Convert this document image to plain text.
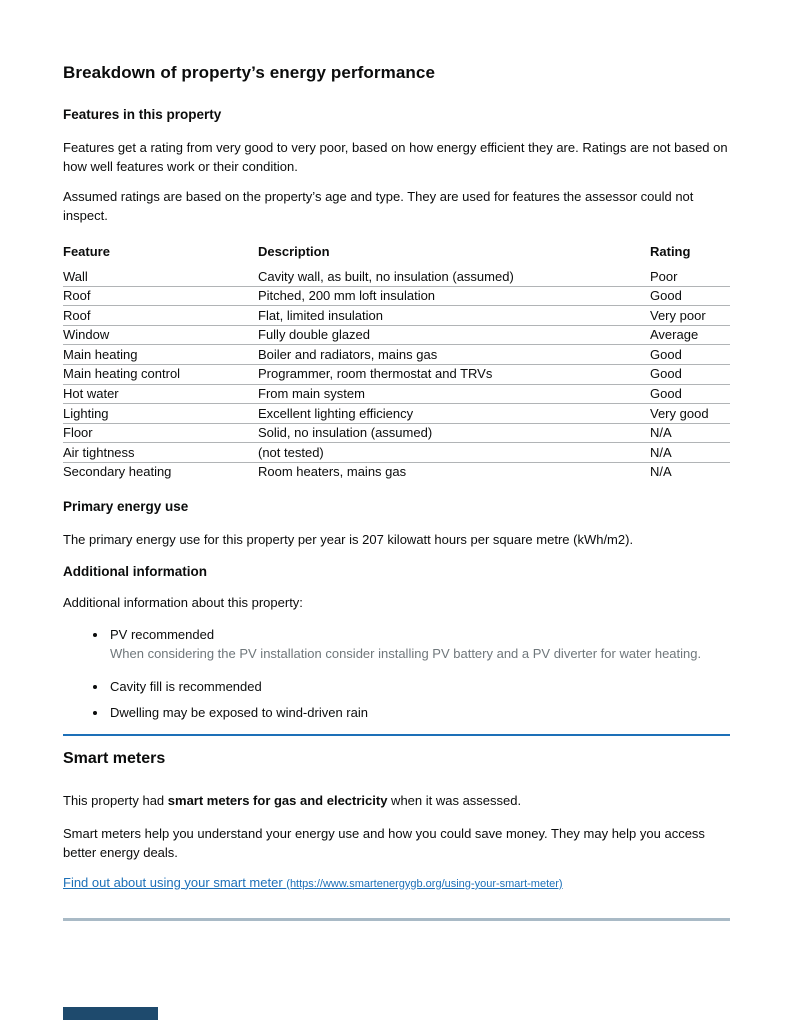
Breakdown of property’s energy performance
Features in this property

Features get a rating from very good to very poor, based on how energy efficient they are. Ratings are not based on how well features work or their condition.

Assumed ratings are based on the property’s age and type. They are used for features the assessor could not inspect.

Feature	Description	Rating
Wall	Cavity wall, as built, no insulation (assumed)	Poor
Roof	Pitched, 200 mm loft insulation	Good
Roof	Flat, limited insulation	Very poor
Window	Fully double glazed	Average
Main heating	Boiler and radiators, mains gas	Good
Main heating control	Programmer, room thermostat and TRVs	Good
Hot water	From main system	Good
Lighting	Excellent lighting efficiency	Very good
Floor	Solid, no insulation (assumed)	N/A
Air tightness	(not tested)	N/A
Secondary heating	Room heaters, mains gas	N/A
Primary energy use

The primary energy use for this property per year is 207 kilowatt hours per square metre (kWh/m2).

Additional information

Additional information about this property:

• PV recommended
When considering the PV installation consider installing PV battery and a PV diverter for water heating.
• Cavity fill is recommended
• Dwelling may be exposed to wind-driven rain
Smart meters

This property had smart meters for gas and electricity when it was assessed.

Smart meters help you understand your energy use and how you could save money. They may help you access better energy deals.

Find out about using your smart meter (https://www.smartenergygb.org/using-your-smart-meter)
